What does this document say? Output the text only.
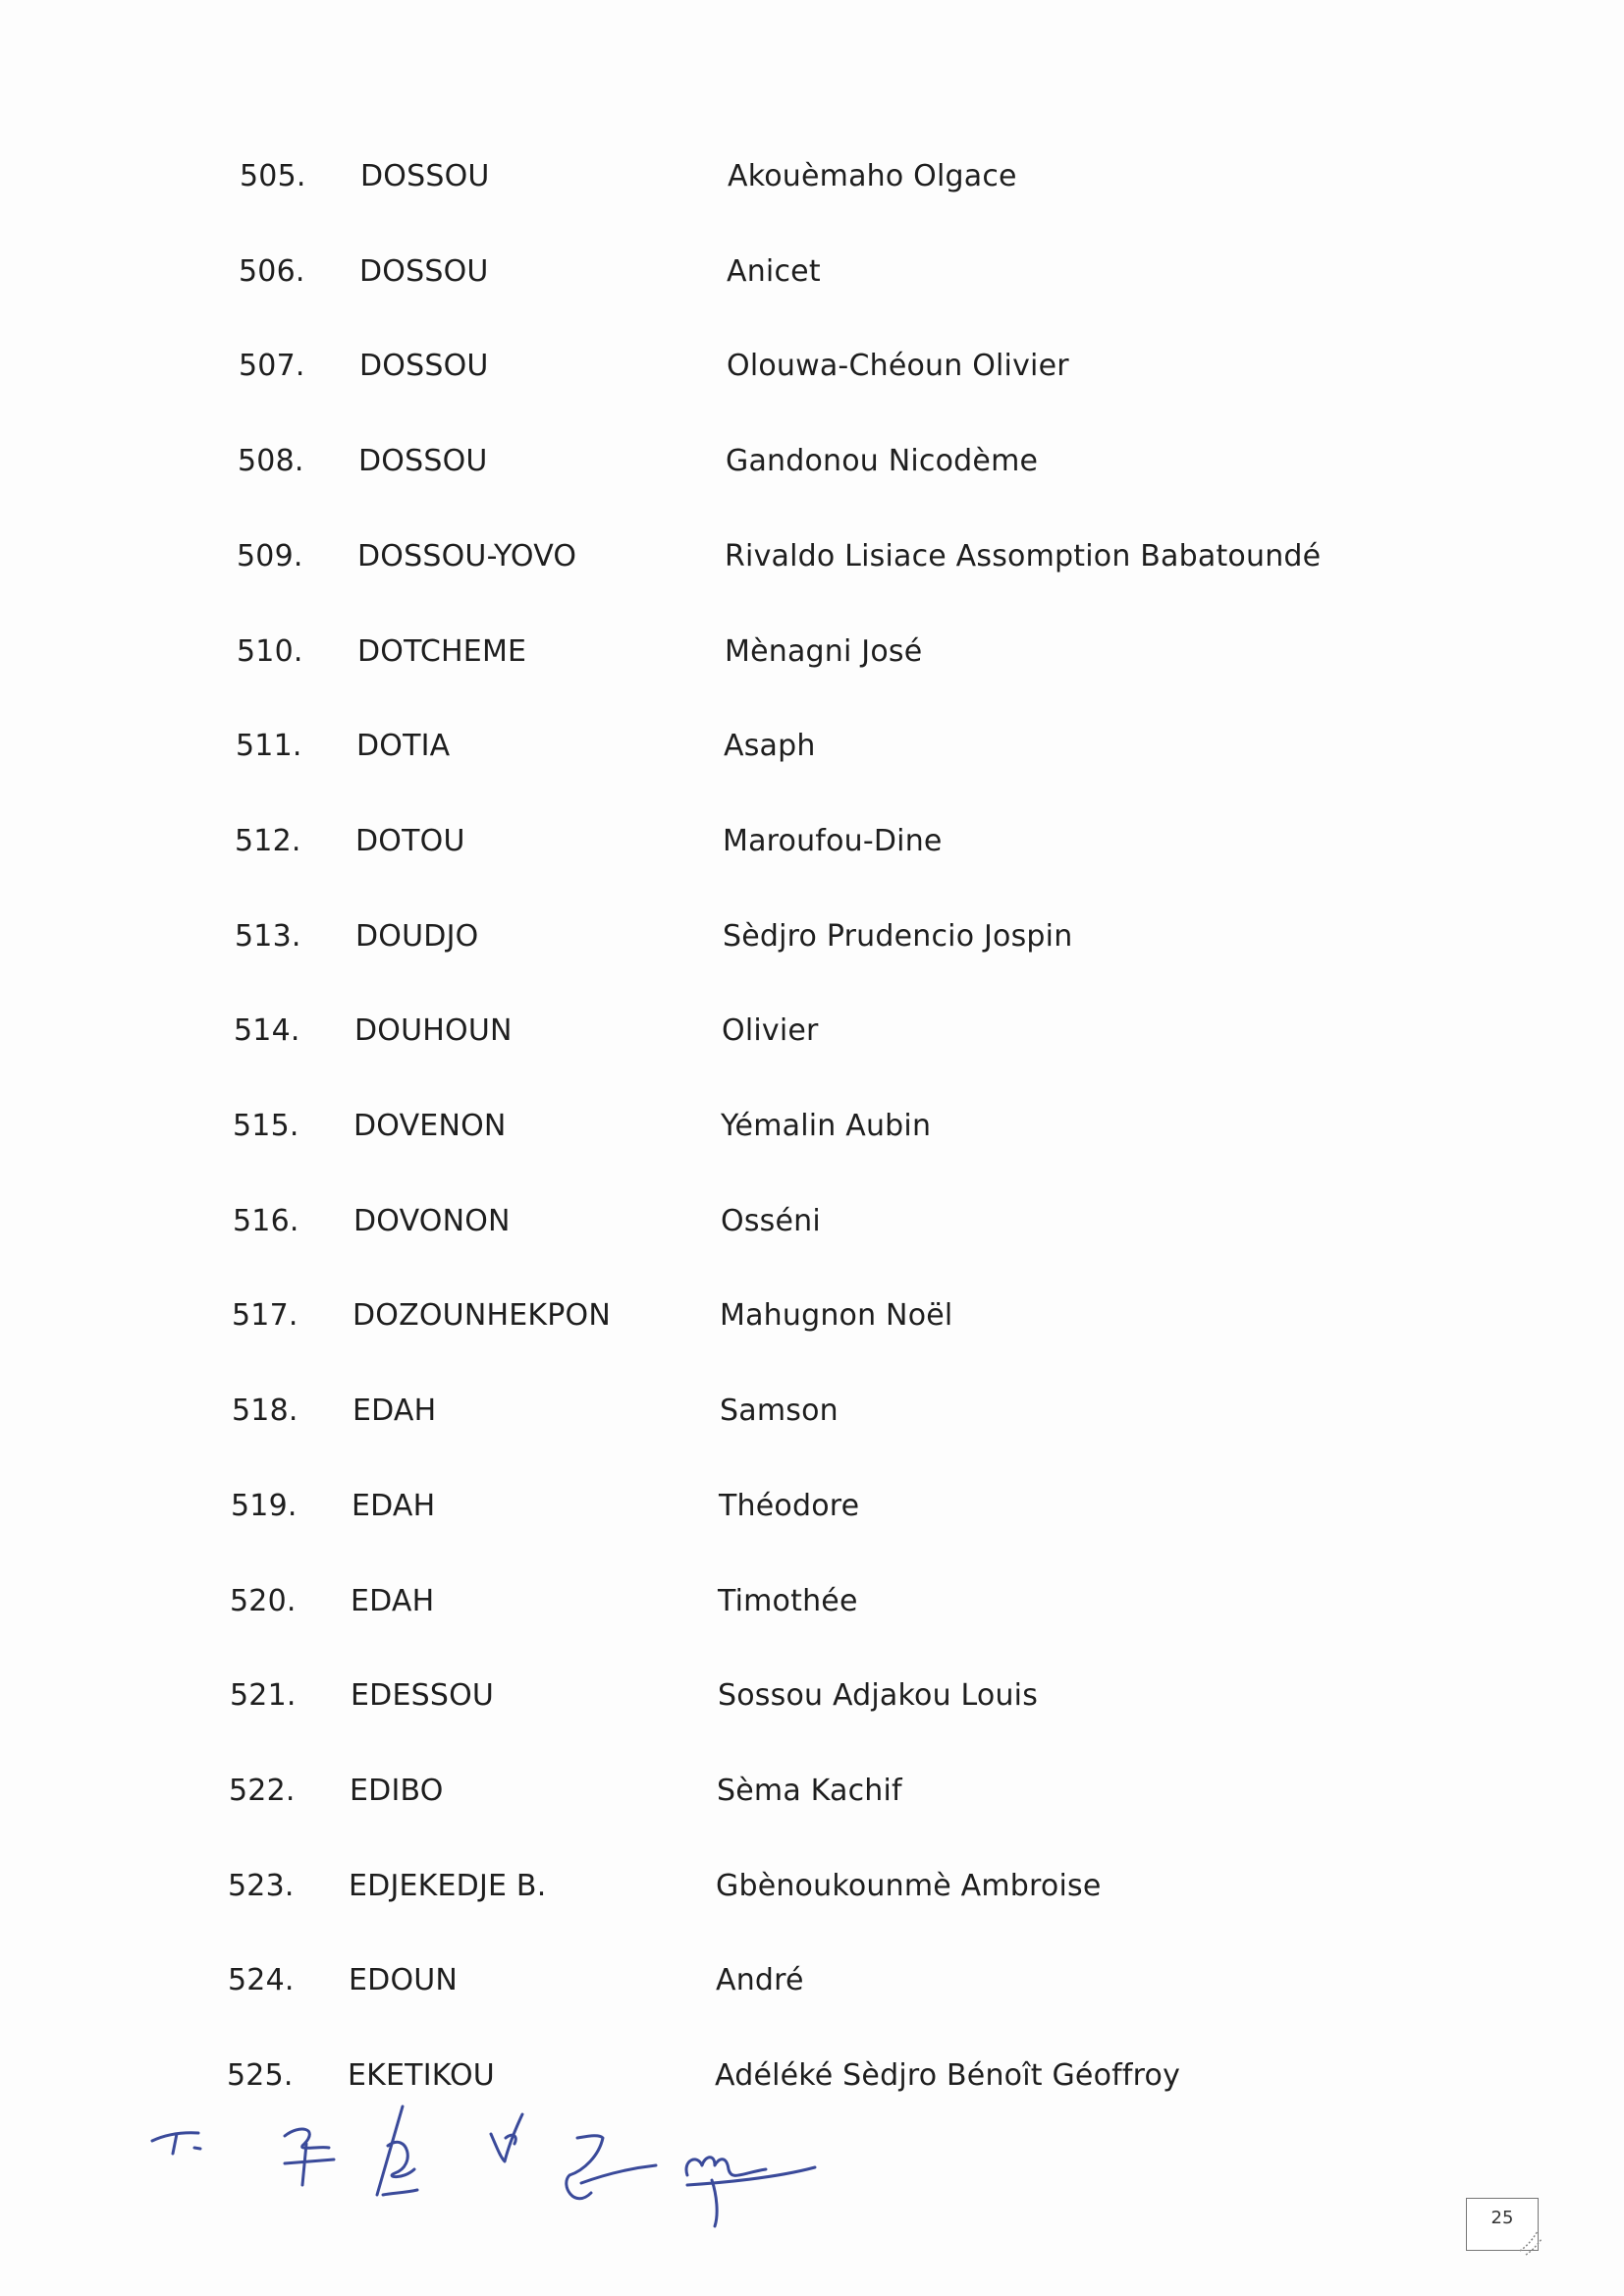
505. DOSSOU	Akouèmaho Olgace
506. DOSSOU	Anicet
507. DOSSOU	Olouwa-Chéoun Olivier
508. DOSSOU	Gandonou Nicodème
509. DOSSOU-YOVO	Rivaldo Lisiace Assomption Babatoundé
510. DOTCHEME	Mènagni José
511. DOTIA	Asaph
512. DOTOU	Maroufou-Dine
513. DOUDJO	Sèdjro Prudencio Jospin
514. DOUHOUN	Olivier
515. DOVENON	Yémalin Aubin
516. DOVONON	Osséni
517. DOZOUNHEKPON	Mahugnon Noël
518. EDAH	Samson
519. EDAH	Théodore
520. EDAH	Timothée
521. EDESSOU	Sossou Adjakou Louis
522. EDIBO	Sèma Kachif
523. EDJEKEDJE B.	Gbènoukounmè Ambroise
524. EDOUN	André
525. EKETIKOU	Adéléké Sèdjro Bénoît Géoffroy
25
